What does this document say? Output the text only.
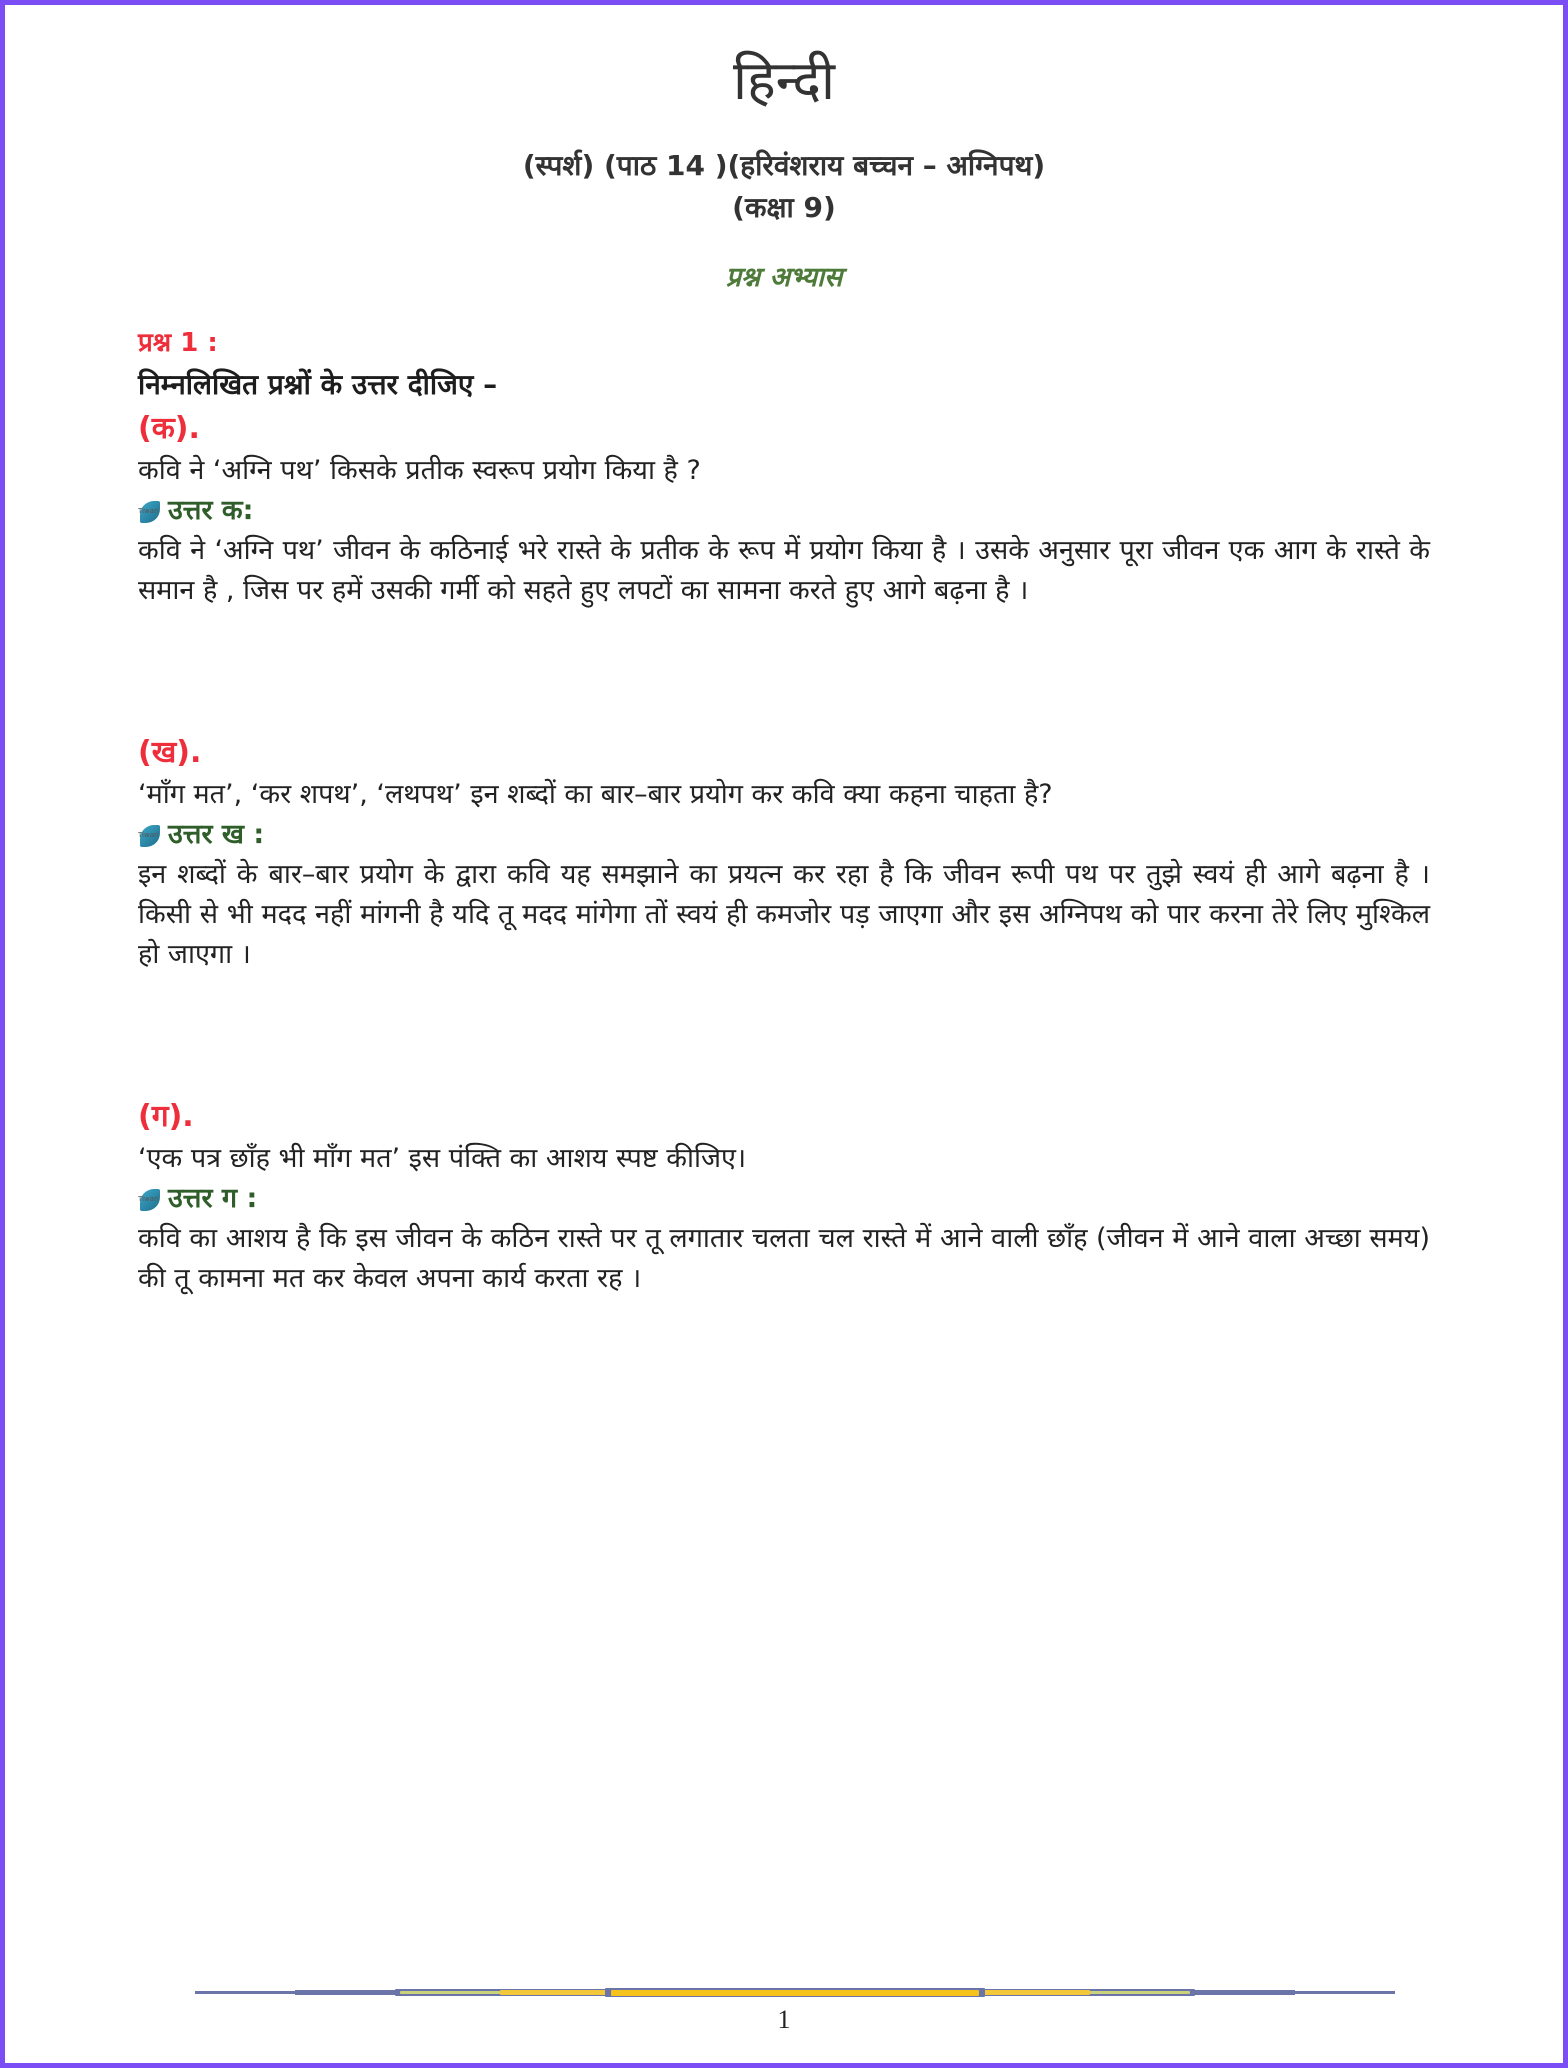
हिन्दी
(स्पर्श) (पाठ 14 )(हरिवंशराय बच्चन – अग्निपथ)
(कक्षा 9)
प्रश्न अभ्यास
प्रश्न 1 :
निम्नलिखित प्रश्नों के उत्तर दीजिए –
(क).
कवि ने ‘अग्नि पथ’ किसके प्रतीक स्वरूप प्रयोग किया है ?
Tiwari उत्तर क:
कवि ने ‘अग्नि पथ’ जीवन के कठिनाई भरे रास्ते के प्रतीक के रूप में प्रयोग किया है । उसके अनुसार पूरा जीवन एक आग के रास्ते के समान है , जिस पर हमें उसकी गर्मी को सहते हुए लपटों का सामना करते हुए आगे बढ़ना है ।
(ख).
‘माँग मत’, ‘कर शपथ’, ‘लथपथ’ इन शब्दों का बार–बार प्रयोग कर कवि क्या कहना चाहता है?
Tiwari उत्तर ख :
इन शब्दों के बार–बार प्रयोग के द्वारा कवि यह समझाने का प्रयत्न कर रहा है कि जीवन रूपी पथ पर तुझे स्वयं ही आगे बढ़ना है । किसी से भी मदद नहीं मांगनी है यदि तू मदद मांगेगा तों स्वयं ही कमजोर पड़ जाएगा और इस अग्निपथ को पार करना तेरे लिए मुश्किल हो जाएगा ।
(ग).
‘एक पत्र छाँह भी माँग मत’ इस पंक्ति का आशय स्पष्ट कीजिए।
Tiwari उत्तर ग :
कवि का आशय है कि इस जीवन के कठिन रास्ते पर तू लगातार चलता चल रास्ते में आने वाली छाँह (जीवन में आने वाला अच्छा समय) की तू कामना मत कर केवल अपना कार्य करता रह ।
1
